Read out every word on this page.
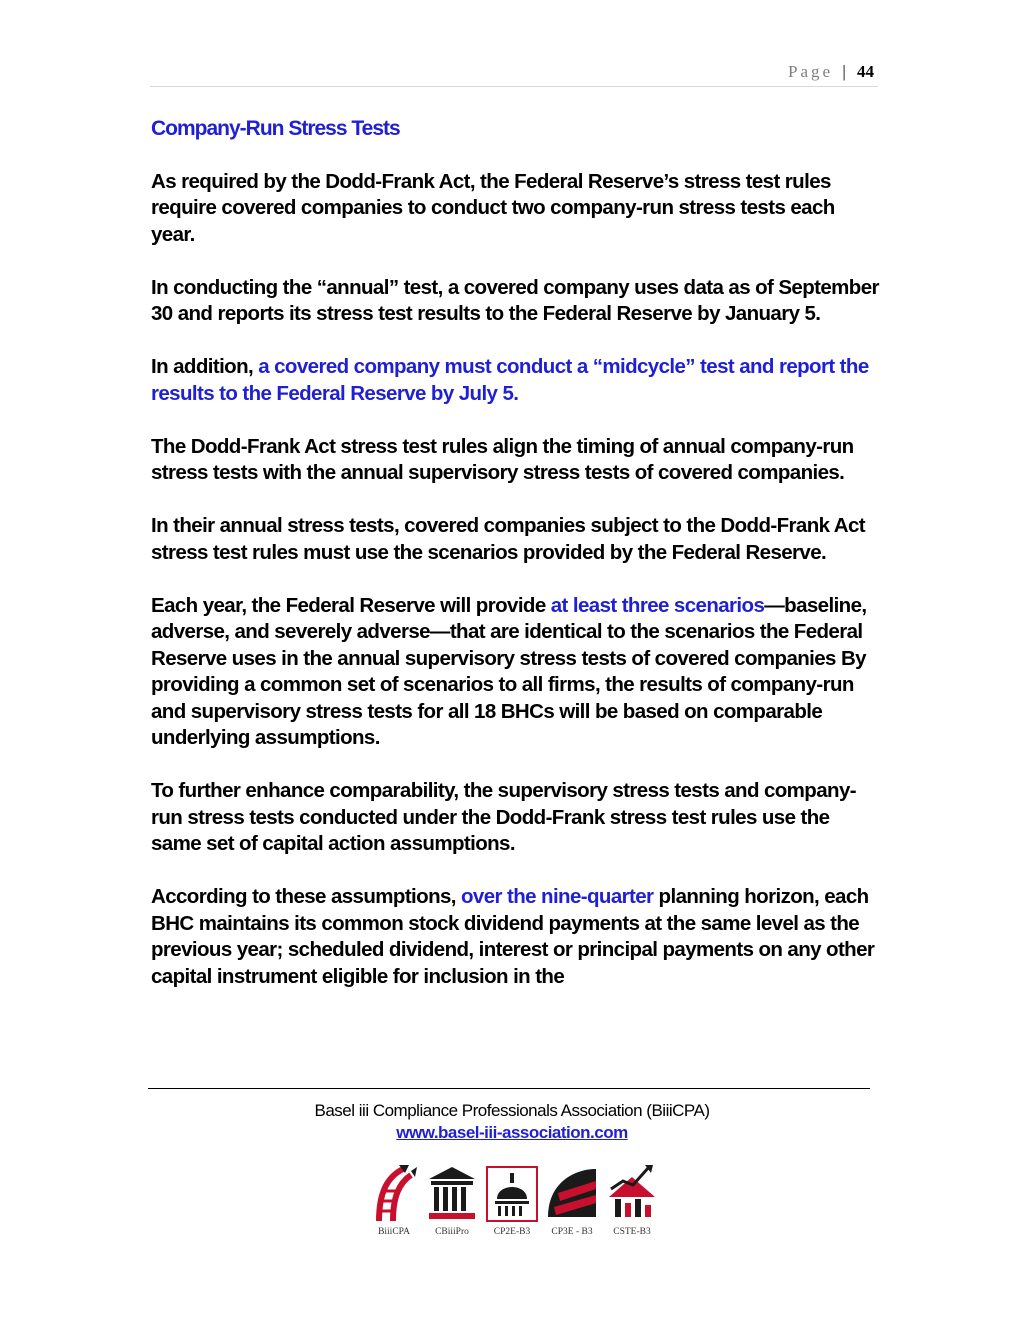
Page | 44
Company-Run Stress Tests

As required by the Dodd-Frank Act, the Federal Reserve’s stress test rules require covered companies to conduct two company-run stress tests each year.

In conducting the “annual” test, a covered company uses data as of September 30 and reports its stress test results to the Federal Reserve by January 5.

In addition, a covered company must conduct a “midcycle” test and report the results to the Federal Reserve by July 5.

The Dodd-Frank Act stress test rules align the timing of annual company-run stress tests with the annual supervisory stress tests of covered companies.

In their annual stress tests, covered companies subject to the Dodd-Frank Act stress test rules must use the scenarios provided by the Federal Reserve.

Each year, the Federal Reserve will provide at least three scenarios—baseline, adverse, and severely adverse—that are identical to the scenarios the Federal Reserve uses in the annual supervisory stress tests of covered companies By providing a common set of scenarios to all firms, the results of company-run and supervisory stress tests for all 18 BHCs will be based on comparable underlying assumptions.

To further enhance comparability, the supervisory stress tests and company-run stress tests conducted under the Dodd-Frank stress test rules use the same set of capital action assumptions.

According to these assumptions, over the nine-quarter planning horizon, each BHC maintains its common stock dividend payments at the same level as the previous year; scheduled dividend, interest or principal payments on any other capital instrument eligible for inclusion in the

Basel iii Compliance Professionals Association (BiiiCPA)
www.basel-iii-association.com
BiiiCPA	CBiiiPro	CP2E-B3	CP3E - B3	CSTE-B3
